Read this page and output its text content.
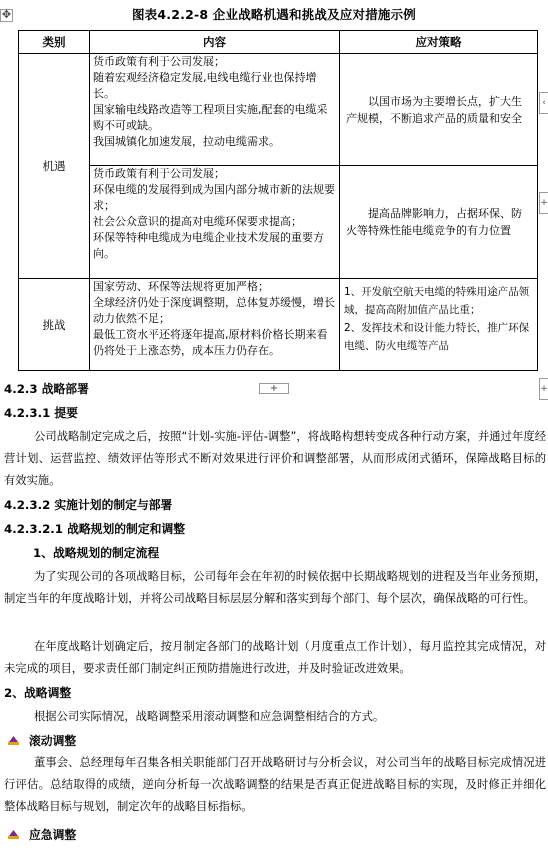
✥	图表4.2.2-8 企业战略机遇和挑战及应对措施示例
类别	内容	应对策略
机遇	货币政策有利于公司发展；
随着宏观经济稳定发展,电线电缆行业也保持增长。
国家输电线路改造等工程项目实施,配套的电缆采购不可或缺。
我国城镇化加速发展，拉动电缆需求。	以国市场为主要增长点，扩大生产规模，不断追求产品的质量和安全

	货币政策有利于公司发展；
环保电缆的发展得到成为国内部分城市新的法规要求；
社会公众意识的提高对电缆环保要求提高；
环保等特种电缆成为电缆企业技术发展的重要方向。	提高品牌影响力，占据环保、防火等特殊性能电缆竞争的有力位置

挑战	国家劳动、环保等法规将更加严格；
全球经济仍处于深度调整期，总体复苏缓慢，增长动力依然不足；
最低工资水平还将逐年提高,原材料价格长期来看仍将处于上涨态势，成本压力仍存在。	1、开发航空航天电缆的特殊用途产品领域，提高高附加值产品比重；
2、发挥技术和设计能力特长，推广环保电缆、防火电缆等产品
+
‹
+
+
4.2.3 战略部署
4.2.3.1 提要
公司战略制定完成之后，按照“计划-实施-评估-调整”，将战略构想转变成各种行动方案，并通过年度经营计划、运营监控、绩效评估等形式不断对效果进行评价和调整部署，从而形成闭式循环，保障战略目标的有效实施。
4.2.3.2 实施计划的制定与部署
4.2.3.2.1 战略规划的制定和调整
1、战略规划的制定流程
为了实现公司的各项战略目标，公司每年会在年初的时候依据中长期战略规划的进程及当年业务预期，制定当年的年度战略计划，并将公司战略目标层层分解和落实到每个部门、每个层次，确保战略的可行性。
在年度战略计划确定后，按月制定各部门的战略计划（月度重点工作计划），每月监控其完成情况，对未完成的项目，要求责任部门制定纠正预防措施进行改进，并及时验证改进效果。
2、战略调整
根据公司实际情况，战略调整采用滚动调整和应急调整相结合的方式。
滚动调整
董事会、总经理每年召集各相关职能部门召开战略研讨与分析会议，对公司当年的战略目标完成情况进行评估。总结取得的成绩，逆向分析每一次战略调整的结果是否真正促进战略目标的实现，及时修正并细化整体战略目标与规划，制定次年的战略目标指标。
应急调整
